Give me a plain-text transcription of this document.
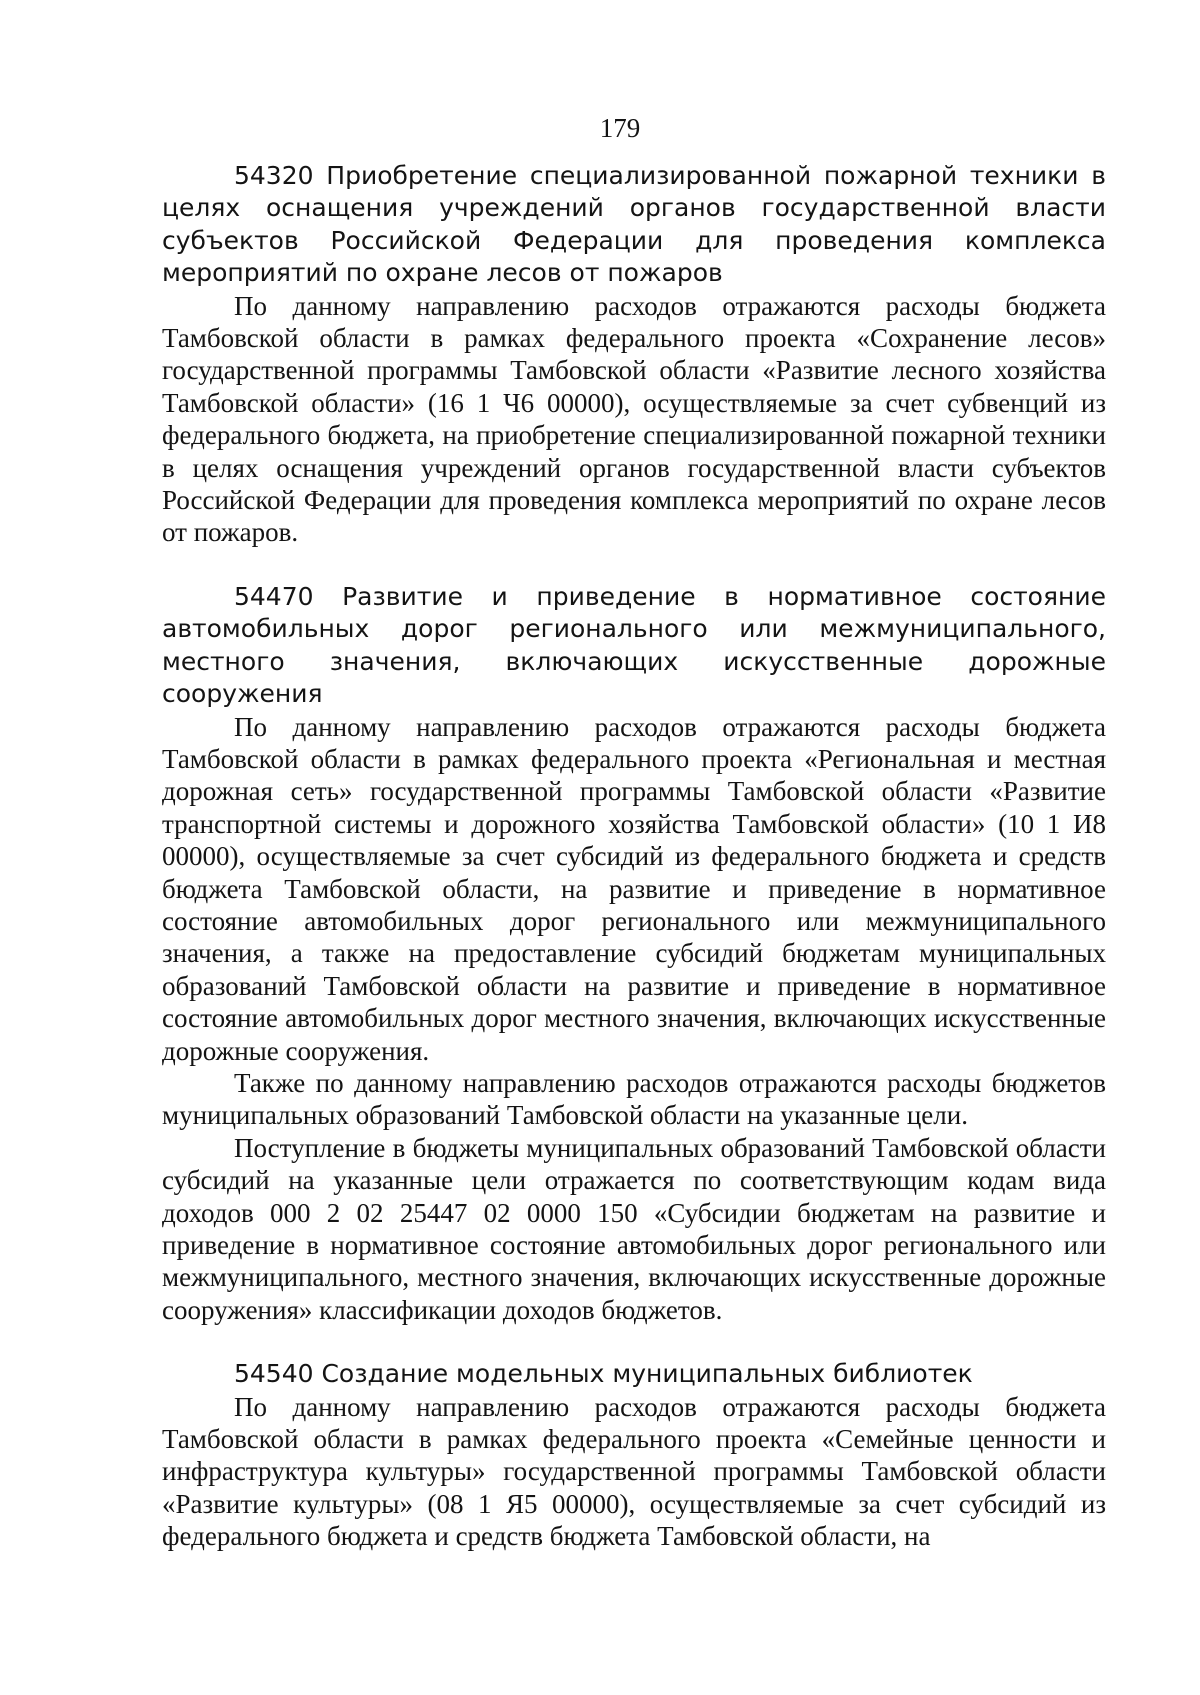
179

54320 Приобретение специализированной пожарной техники в целях оснащения учреждений органов государственной власти субъектов Российской Федерации для проведения комплекса мероприятий по охране лесов от пожаров

По данному направлению расходов отражаются расходы бюджета Тамбовской области в рамках федерального проекта «Сохранение лесов» государственной программы Тамбовской области «Развитие лесного хозяйства Тамбовской области» (16 1 Ч6 00000), осуществляемые за счет субвенций из федерального бюджета, на приобретение специализированной пожарной техники в целях оснащения учреждений органов государственной власти субъектов Российской Федерации для проведения комплекса мероприятий по охране лесов от пожаров.

54470 Развитие и приведение в нормативное состояние автомобильных дорог регионального или межмуниципального, местного значения, включающих искусственные дорожные сооружения

По данному направлению расходов отражаются расходы бюджета Тамбовской области в рамках федерального проекта «Региональная и местная дорожная сеть» государственной программы Тамбовской области «Развитие транспортной системы и дорожного хозяйства Тамбовской области» (10 1 И8 00000), осуществляемые за счет субсидий из федерального бюджета и средств бюджета Тамбовской области, на развитие и приведение в нормативное состояние автомобильных дорог регионального или межмуниципального значения, а также на предоставление субсидий бюджетам муниципальных образований Тамбовской области на развитие и приведение в нормативное состояние автомобильных дорог местного значения, включающих искусственные дорожные сооружения.

Также по данному направлению расходов отражаются расходы бюджетов муниципальных образований Тамбовской области на указанные цели.

Поступление в бюджеты муниципальных образований Тамбовской области субсидий на указанные цели отражается по соответствующим кодам вида доходов 000 2 02 25447 02 0000 150 «Субсидии бюджетам на развитие и приведение в нормативное состояние автомобильных дорог регионального или межмуниципального, местного значения, включающих искусственные дорожные сооружения» классификации доходов бюджетов.

54540 Создание модельных муниципальных библиотек

По данному направлению расходов отражаются расходы бюджета Тамбовской области в рамках федерального проекта «Семейные ценности и инфраструктура культуры» государственной программы Тамбовской области «Развитие культуры» (08 1 Я5 00000), осуществляемые за счет субсидий из федерального бюджета и средств бюджета Тамбовской области, на
